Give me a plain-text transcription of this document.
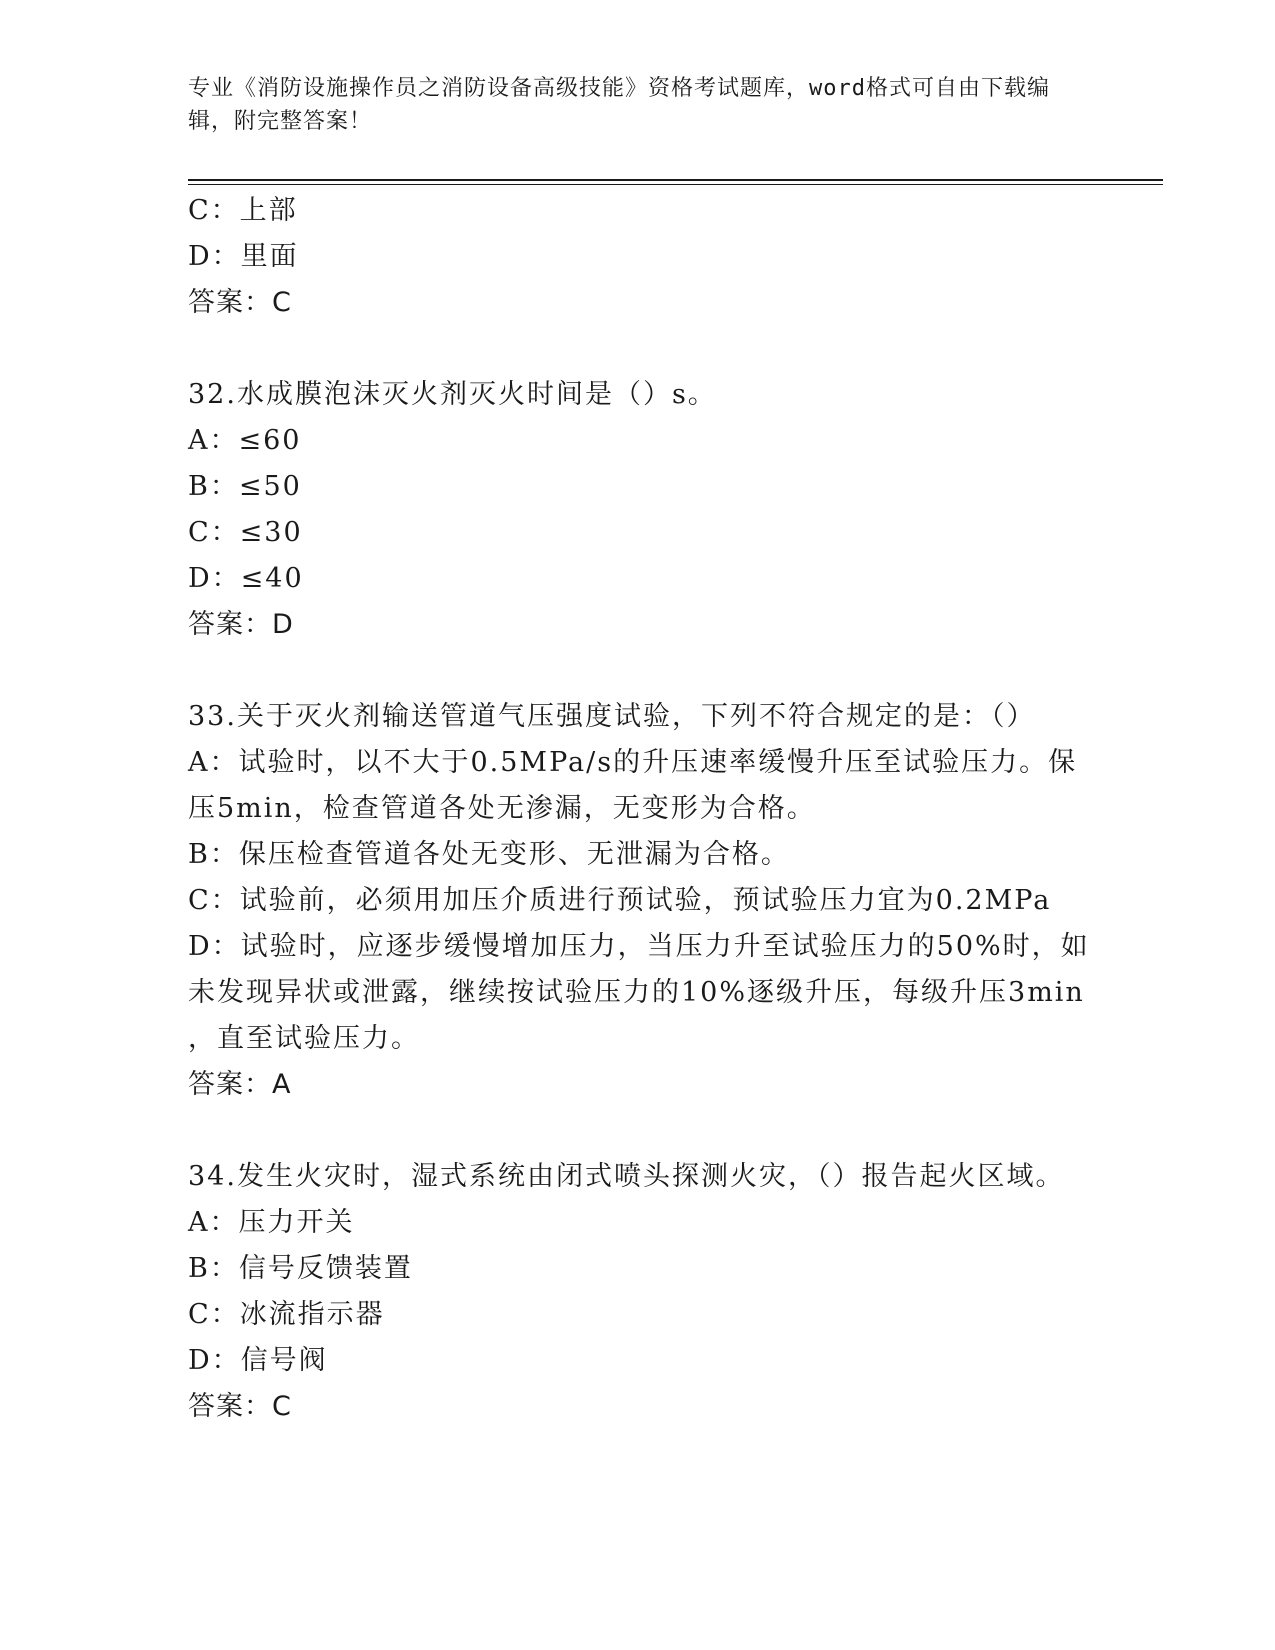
专业《消防设施操作员之消防设备高级技能》资格考试题库，word格式可自由下载编辑，附完整答案！
C：上部
D：里面
答案：C
32.水成膜泡沫灭火剂灭火时间是（）s。
A：≤60
B：≤50
C：≤30
D：≤40
答案：D
33.关于灭火剂输送管道气压强度试验，下列不符合规定的是：（）
A：试验时，以不大于0.5MPa/s的升压速率缓慢升压至试验压力。保
压5min，检查管道各处无渗漏，无变形为合格。
B：保压检查管道各处无变形、无泄漏为合格。
C：试验前，必须用加压介质进行预试验，预试验压力宜为0.2MPa
D：试验时，应逐步缓慢增加压力，当压力升至试验压力的50%时，如
未发现异状或泄露，继续按试验压力的10%逐级升压，每级升压3min
，直至试验压力。
答案：A
34.发生火灾时，湿式系统由闭式喷头探测火灾，（）报告起火区域。
A：压力开关
B：信号反馈装置
C：冰流指示器
D：信号阀
答案：C
